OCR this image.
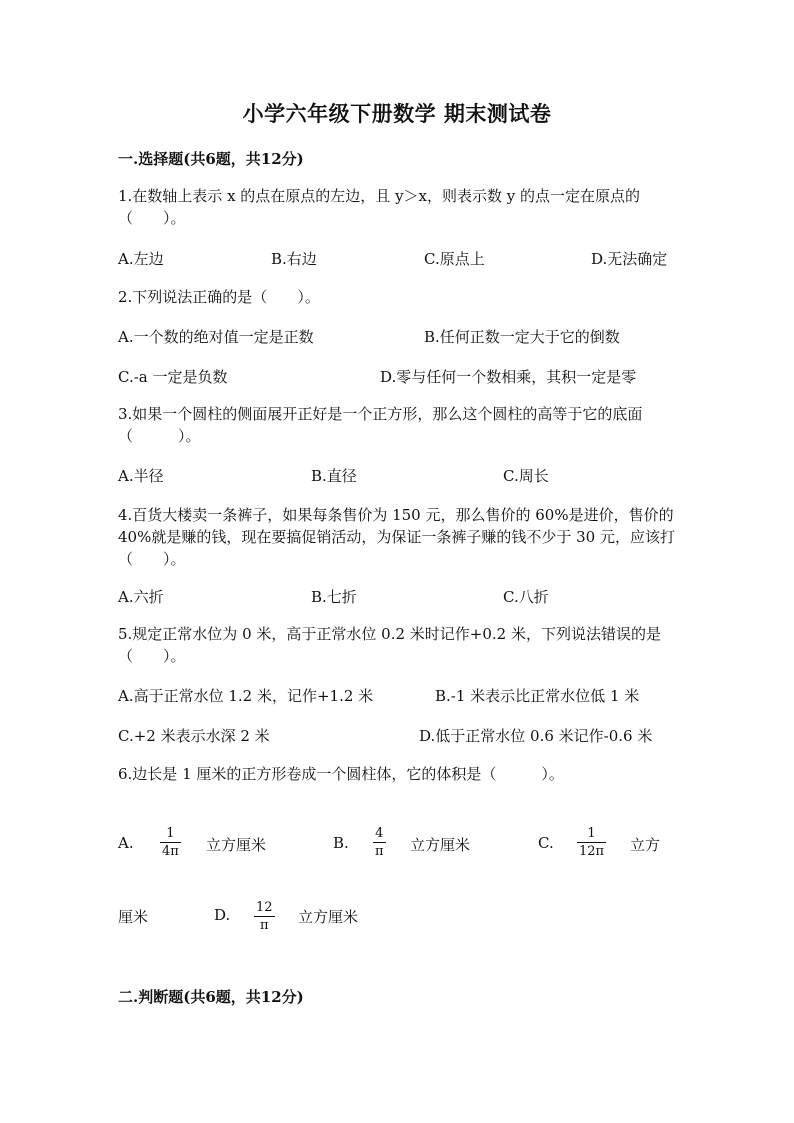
小学六年级下册数学 期末测试卷
一.选择题(共6题，共12分)
1.在数轴上表示 x 的点在原点的左边，且 y＞x，则表示数 y 的点一定在原点的（　　）。
A.左边	B.右边	C.原点上	D.无法确定
2.下列说法正确的是（　　）。
A.一个数的绝对值一定是正数	B.任何正数一定大于它的倒数
C.-a 一定是负数	D.零与任何一个数相乘，其积一定是零
3.如果一个圆柱的侧面展开正好是一个正方形，那么这个圆柱的高等于它的底面（　　　）。
A.半径	B.直径	C.周长
4.百货大楼卖一条裤子，如果每条售价为 150 元，那么售价的 60%是进价，售价的 40%就是赚的钱，现在要搞促销活动，为保证一条裤子赚的钱不少于 30 元，应该打（　　）。
A.六折	B.七折	C.八折
5.规定正常水位为 0 米，高于正常水位 0.2 米时记作+0.2 米，下列说法错误的是（　　）。
A.高于正常水位 1.2 米，记作+1.2 米	B.-1 米表示比正常水位低 1 米
C.+2 米表示水深 2 米	D.低于正常水位 0.6 米记作-0.6 米
6.边长是 1 厘米的正方形卷成一个圆柱体，它的体积是（　　　）。
A.
1
4π 立方厘米	B.
4
π 立方厘米	C.
1
12π 立方
厘米	D. 12
π 立方厘米
二.判断题(共6题，共12分)
